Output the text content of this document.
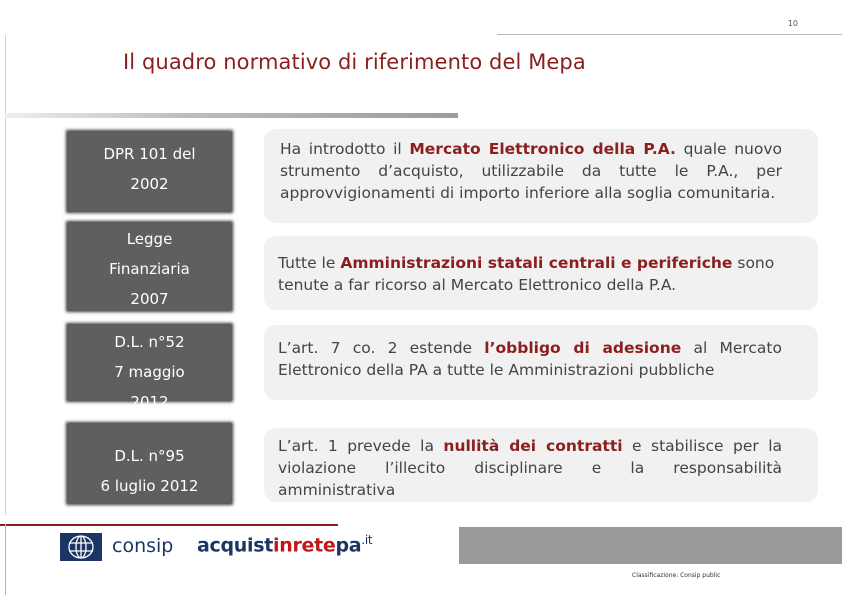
10
Il quadro normativo di riferimento del Mepa
DPR 101 del
2002
Ha introdotto il Mercato Elettronico della P.A. quale nuovo strumento d’acquisto, utilizzabile da tutte le P.A., per approvvigionamenti di importo inferiore alla soglia comunitaria.
Legge
Finanziaria
2007
Tutte le Amministrazioni statali centrali e periferiche sono tenute a far ricorso al Mercato Elettronico della P.A.
D.L. n°52
7 maggio
2012
L’art. 7 co. 2 estende l’obbligo di adesione al Mercato Elettronico della PA a tutte le Amministrazioni pubbliche
D.L. n°95
6 luglio 2012
L’art. 1 prevede la nullità dei contratti e stabilisce per la violazione l’illecito disciplinare e la responsabilità amministrativa
consip acquistinretepa$^{.it}$
Classificazione: Consip public
